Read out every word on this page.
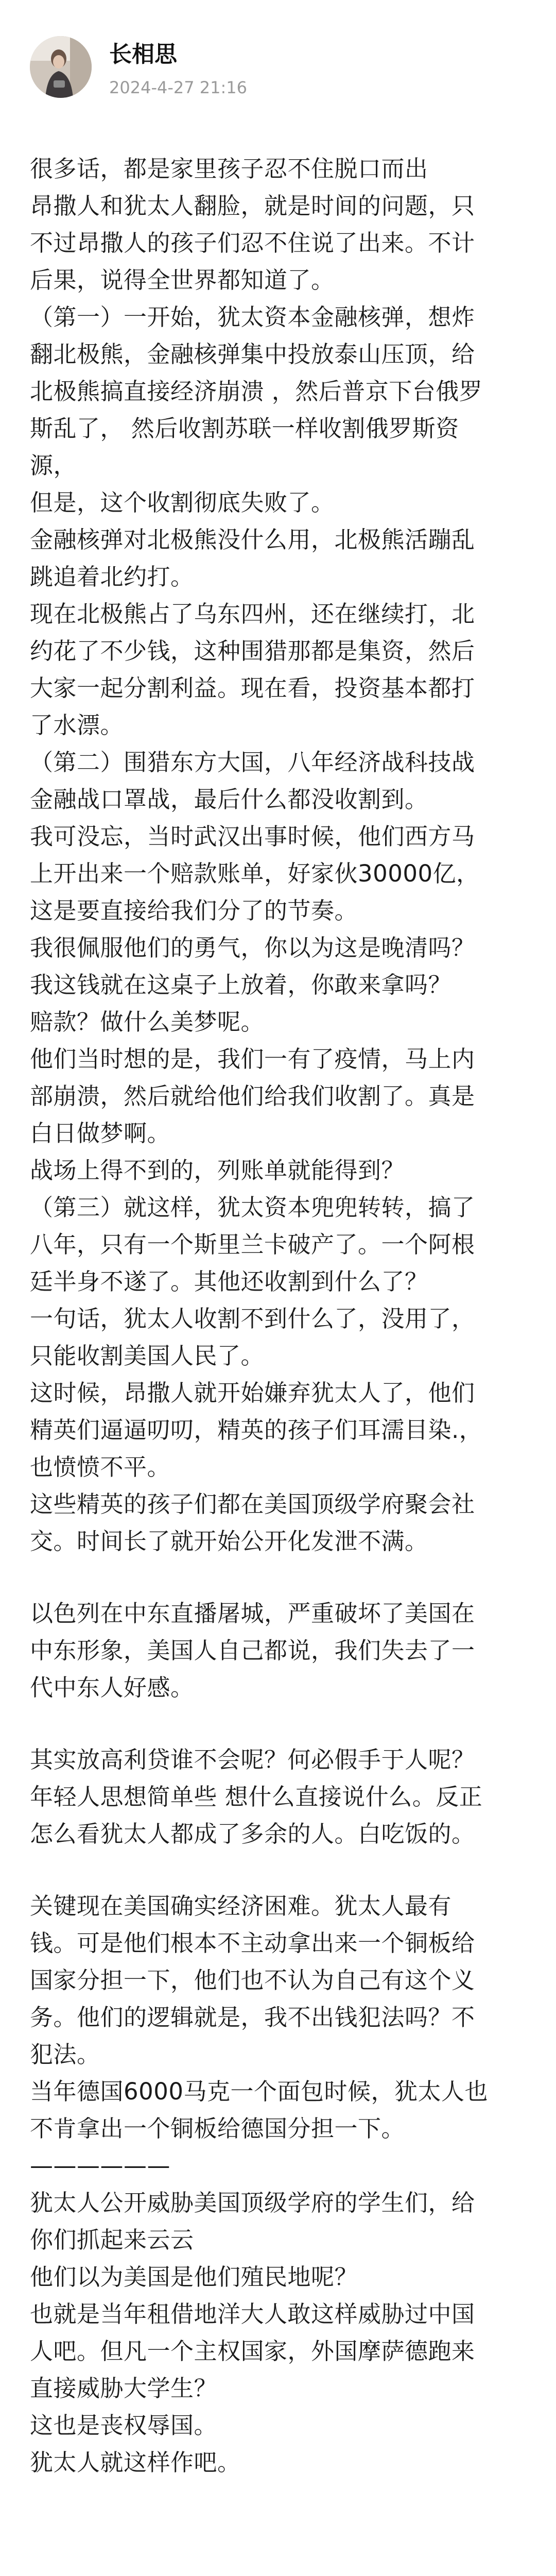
长相思
2024-4-27 21:16

很多话，都是家里孩子忍不住脱口而出

昂撒人和犹太人翻脸，就是时间的问题，只
不过昂撒人的孩子们忍不住说了出来。不计
后果，说得全世界都知道了。

（第一）一开始，犹太资本金融核弹，想炸
翻北极熊，金融核弹集中投放泰山压顶，给
北极熊搞直接经济崩溃 ，然后普京下台俄罗
斯乱了， 然后收割苏联一样收割俄罗斯资
源，

但是，这个收割彻底失败了。

金融核弹对北极熊没什么用，北极熊活蹦乱
跳追着北约打。

现在北极熊占了乌东四州，还在继续打，北
约花了不少钱，这种围猎那都是集资，然后
大家一起分割利益。现在看，投资基本都打
了水漂。

（第二）围猎东方大国，八年经济战科技战
金融战口罩战，最后什么都没收割到。

我可没忘，当时武汉出事时候，他们西方马
上开出来一个赔款账单，好家伙30000亿，
这是要直接给我们分了的节奏。

我很佩服他们的勇气，你以为这是晚清吗？

我这钱就在这桌子上放着，你敢来拿吗？

赔款？做什么美梦呢。

他们当时想的是，我们一有了疫情，马上内
部崩溃，然后就给他们给我们收割了。真是
白日做梦啊。

战场上得不到的，列账单就能得到？

（第三）就这样，犹太资本兜兜转转，搞了
八年，只有一个斯里兰卡破产了。一个阿根
廷半身不遂了。其他还收割到什么了？

一句话，犹太人收割不到什么了，没用了，
只能收割美国人民了。

这时候，昂撒人就开始嫌弃犹太人了，他们
精英们逼逼叨叨，精英的孩子们耳濡目染.，
也愤愤不平。

这些精英的孩子们都在美国顶级学府聚会社
交。时间长了就开始公开化发泄不满。

以色列在中东直播屠城，严重破坏了美国在
中东形象，美国人自己都说，我们失去了一
代中东人好感。

其实放高利贷谁不会呢？何必假手于人呢？
年轻人思想简单些 想什么直接说什么。反正
怎么看犹太人都成了多余的人。白吃饭的。

关键现在美国确实经济困难。犹太人最有
钱。可是他们根本不主动拿出来一个铜板给
国家分担一下，他们也不认为自己有这个义
务。他们的逻辑就是，我不出钱犯法吗？不
犯法。

当年德国6000马克一个面包时候，犹太人也
不肯拿出一个铜板给德国分担一下。

——————

犹太人公开威胁美国顶级学府的学生们，给
你们抓起来云云

他们以为美国是他们殖民地呢？

也就是当年租借地洋大人敢这样威胁过中国
人吧。但凡一个主权国家，外国摩萨德跑来
直接威胁大学生？

这也是丧权辱国。

犹太人就这样作吧。
